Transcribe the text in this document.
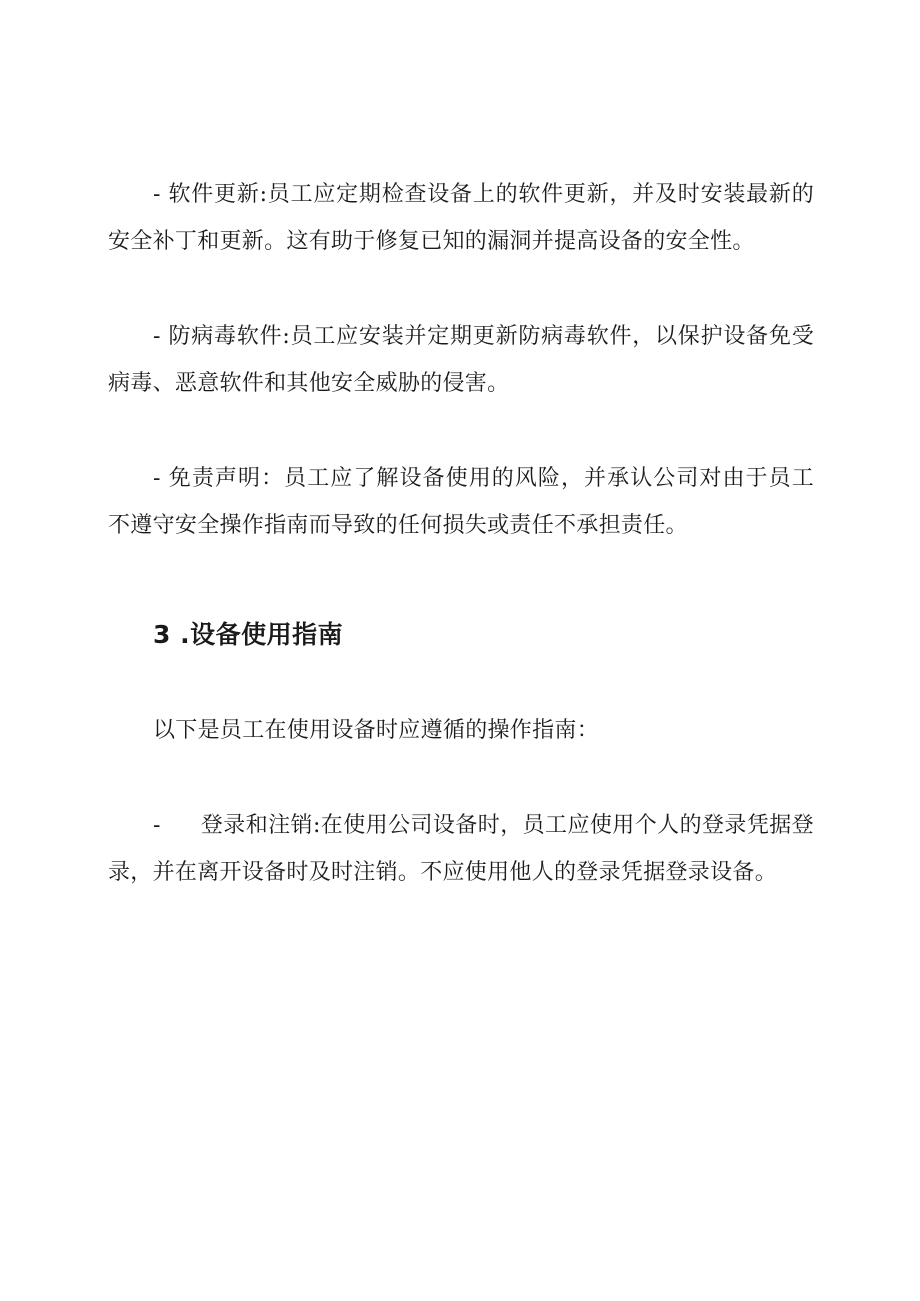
- 软件更新:员工应定期检查设备上的软件更新，并及时安装最新的安全补丁和更新。这有助于修复已知的漏洞并提高设备的安全性。

- 防病毒软件:员工应安装并定期更新防病毒软件，以保护设备免受病毒、恶意软件和其他安全威胁的侵害。

- 免责声明：员工应了解设备使用的风险，并承认公司对由于员工不遵守安全操作指南而导致的任何损失或责任不承担责任。

3 .设备使用指南

以下是员工在使用设备时应遵循的操作指南：

- 登录和注销:在使用公司设备时，员工应使用个人的登录凭据登录，并在离开设备时及时注销。不应使用他人的登录凭据登录设备。
